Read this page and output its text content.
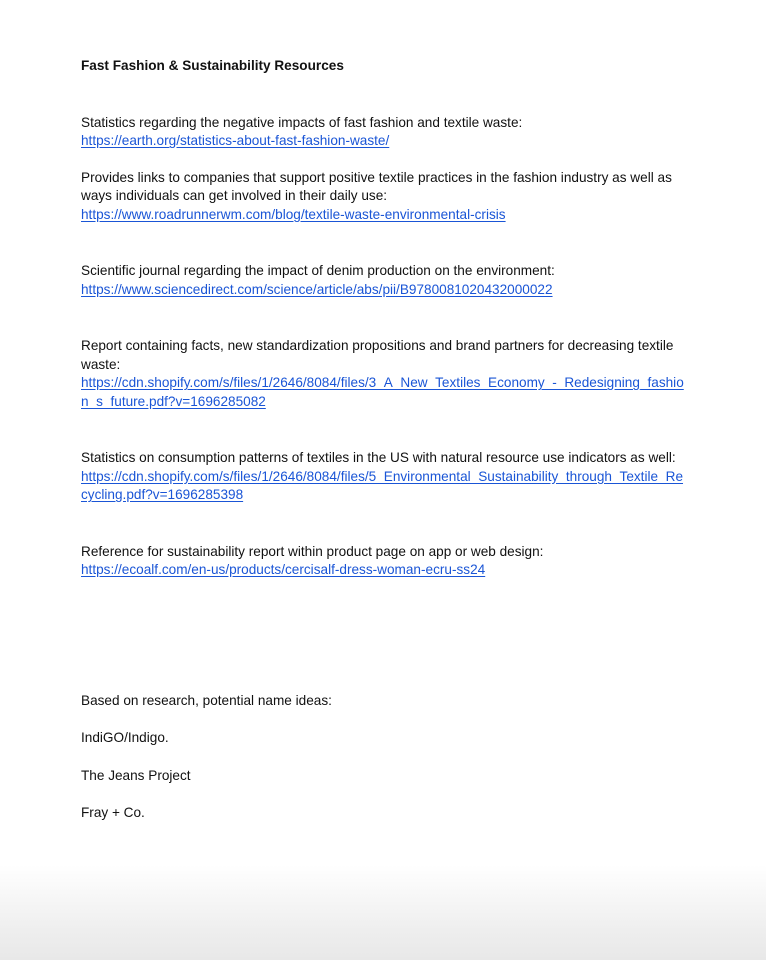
Fast Fashion & Sustainability Resources

Statistics regarding the negative impacts of fast fashion and textile waste:

https://earth.org/statistics-about-fast-fashion-waste/

Provides links to companies that support positive textile practices in the fashion industry as well as ways individuals can get involved in their daily use:

https://www.roadrunnerwm.com/blog/textile-waste-environmental-crisis

Scientific journal regarding the impact of denim production on the environment:

https://www.sciencedirect.com/science/article/abs/pii/B9780081020432000022

Report containing facts, new standardization propositions and brand partners for decreasing textile waste:

https://cdn.shopify.com/s/files/1/2646/8084/files/3_A_New_Textiles_Economy_-_Redesigning_fashion_s_future.pdf?v=1696285082

Statistics on consumption patterns of textiles in the US with natural resource use indicators as well:

https://cdn.shopify.com/s/files/1/2646/8084/files/5_Environmental_Sustainability_through_Textile_Recycling.pdf?v=1696285398

Reference for sustainability report within product page on app or web design:

https://ecoalf.com/en-us/products/cercisalf-dress-woman-ecru-ss24

Based on research, potential name ideas:

IndiGO/Indigo.

The Jeans Project

Fray + Co.
